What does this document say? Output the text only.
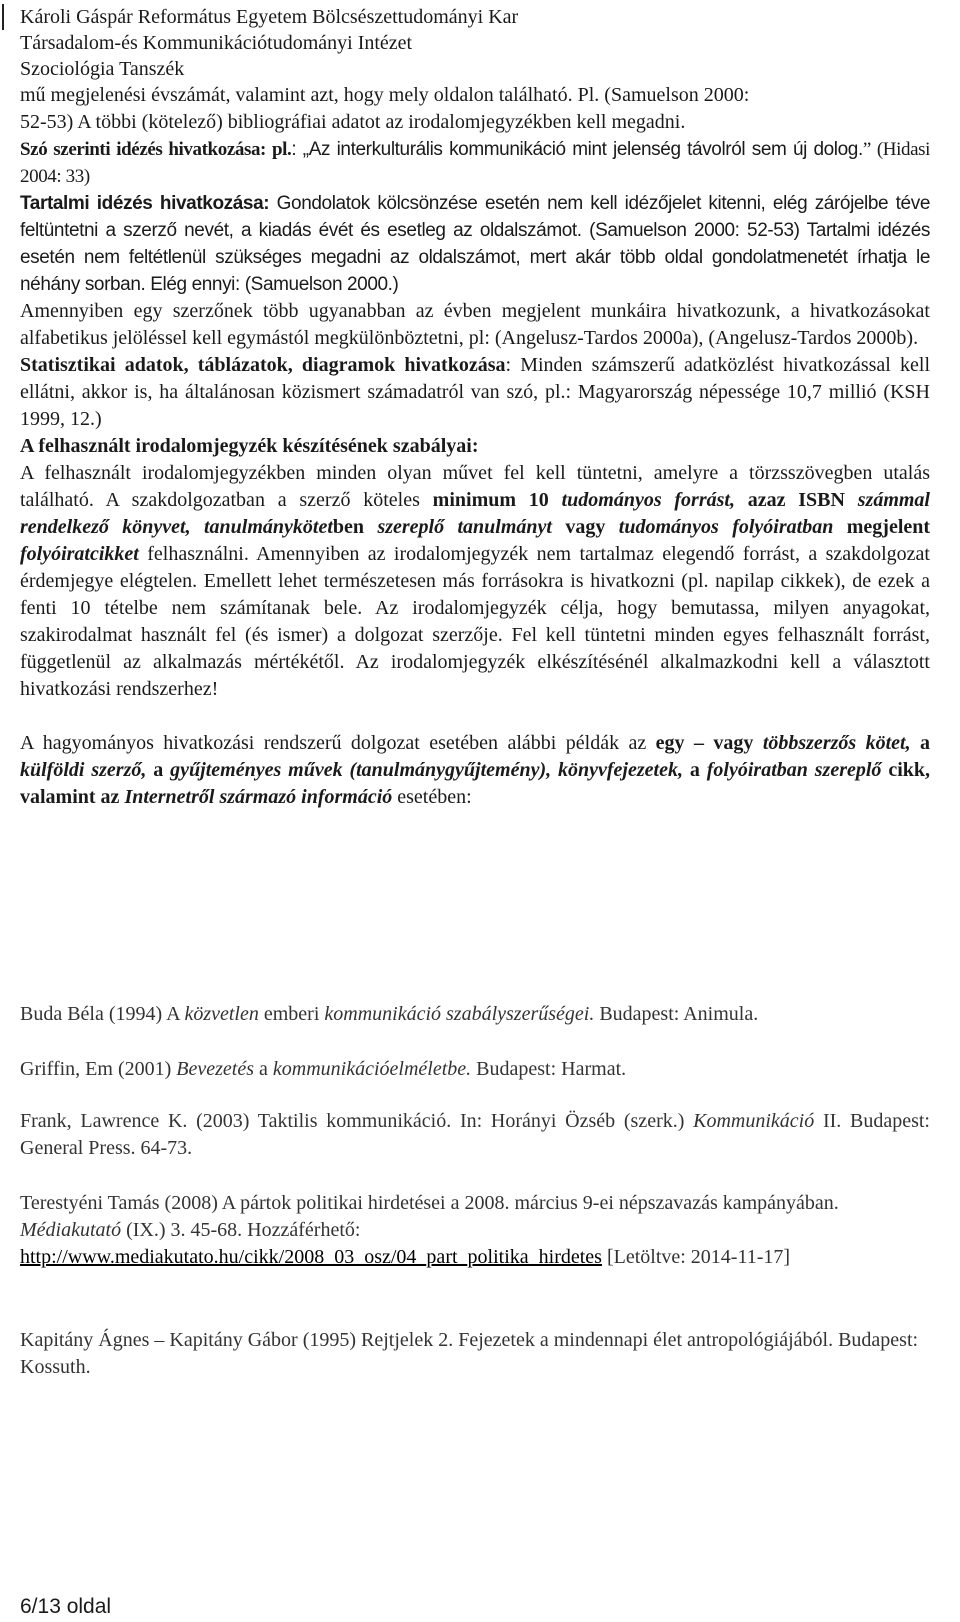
Károli Gáspár Református Egyetem Bölcsészettudományi Kar
Társadalom-és Kommunikációtudományi Intézet
Szociológia Tanszék
mű megjelenési évszámát, valamint azt, hogy mely oldalon található. Pl. (Samuelson 2000:
52-53) A többi (kötelező) bibliográfiai adatot az irodalomjegyzékben kell megadni.

Szó szerinti idézés hivatkozása: pl.: „Az interkulturális kommunikáció mint jelenség távolról sem új dolog.” (Hidasi 2004: 33)

Tartalmi idézés hivatkozása: Gondolatok kölcsönzése esetén nem kell idézőjelet kitenni, elég zárójelbe téve feltüntetni a szerző nevét, a kiadás évét és esetleg az oldalszámot. (Samuelson 2000: 52-53) Tartalmi idézés esetén nem feltétlenül szükséges megadni az oldalszámot, mert akár több oldal gondolatmenetét írhatja le néhány sorban. Elég ennyi: (Samuelson 2000.)

Amennyiben egy szerzőnek több ugyanabban az évben megjelent munkáira hivatkozunk, a hivatkozásokat alfabetikus jelöléssel kell egymástól megkülönböztetni, pl: (Angelusz-Tardos 2000a), (Angelusz-Tardos 2000b).

Statisztikai adatok, táblázatok, diagramok hivatkozása: Minden számszerű adatközlést hivatkozással kell ellátni, akkor is, ha általánosan közismert számadatról van szó, pl.: Magyarország népessége 10,7 millió (KSH 1999, 12.)

A felhasznált irodalomjegyzék készítésének szabályai:
A felhasznált irodalomjegyzékben minden olyan művet fel kell tüntetni, amelyre a törzsszövegben utalás található. A szakdolgozatban a szerző köteles minimum 10 tudományos forrást, azaz ISBN számmal rendelkező könyvet, tanulmánykötetben szereplő tanulmányt vagy tudományos folyóiratban megjelent folyóiratcikket felhasználni. Amennyiben az irodalomjegyzék nem tartalmaz elegendő forrást, a szakdolgozat érdemjegye elégtelen. Emellett lehet természetesen más forrásokra is hivatkozni (pl. napilap cikkek), de ezek a fenti 10 tételbe nem számítanak bele. Az irodalomjegyzék célja, hogy bemutassa, milyen anyagokat, szakirodalmat használt fel (és ismer) a dolgozat szerzője. Fel kell tüntetni minden egyes felhasznált forrást, függetlenül az alkalmazás mértékétől. Az irodalomjegyzék elkészítésénél alkalmazkodni kell a választott hivatkozási rendszerhez!

A hagyományos hivatkozási rendszerű dolgozat esetében alábbi példák az egy – vagy többszerzős kötet, a külföldi szerző, a gyűjteményes művek (tanulmánygyűjtemény), könyvfejezetek, a folyóiratban szereplő cikk, valamint az Internetről származó információ esetében:

Buda Béla (1994) A közvetlen emberi kommunikáció szabályszerűségei. Budapest: Animula.
Griffin, Em (2001) Bevezetés a kommunikációelméletbe. Budapest: Harmat.
Frank, Lawrence K. (2003) Taktilis kommunikáció. In: Horányi Özséb (szerk.) Kommunikáció II. Budapest: General Press. 64-73.
Terestyéni Tamás (2008) A pártok politikai hirdetései a 2008. március 9-ei népszavazás kampányában. Médiakutató (IX.) 3. 45-68. Hozzáférhető:
http://www.mediakutato.hu/cikk/2008_03_osz/04_part_politika_hirdetes [Letöltve: 2014-11-17]
Kapitány Ágnes – Kapitány Gábor (1995) Rejtjelek 2. Fejezetek a mindennapi élet antropológiájából. Budapest: Kossuth.
6/13 oldal
